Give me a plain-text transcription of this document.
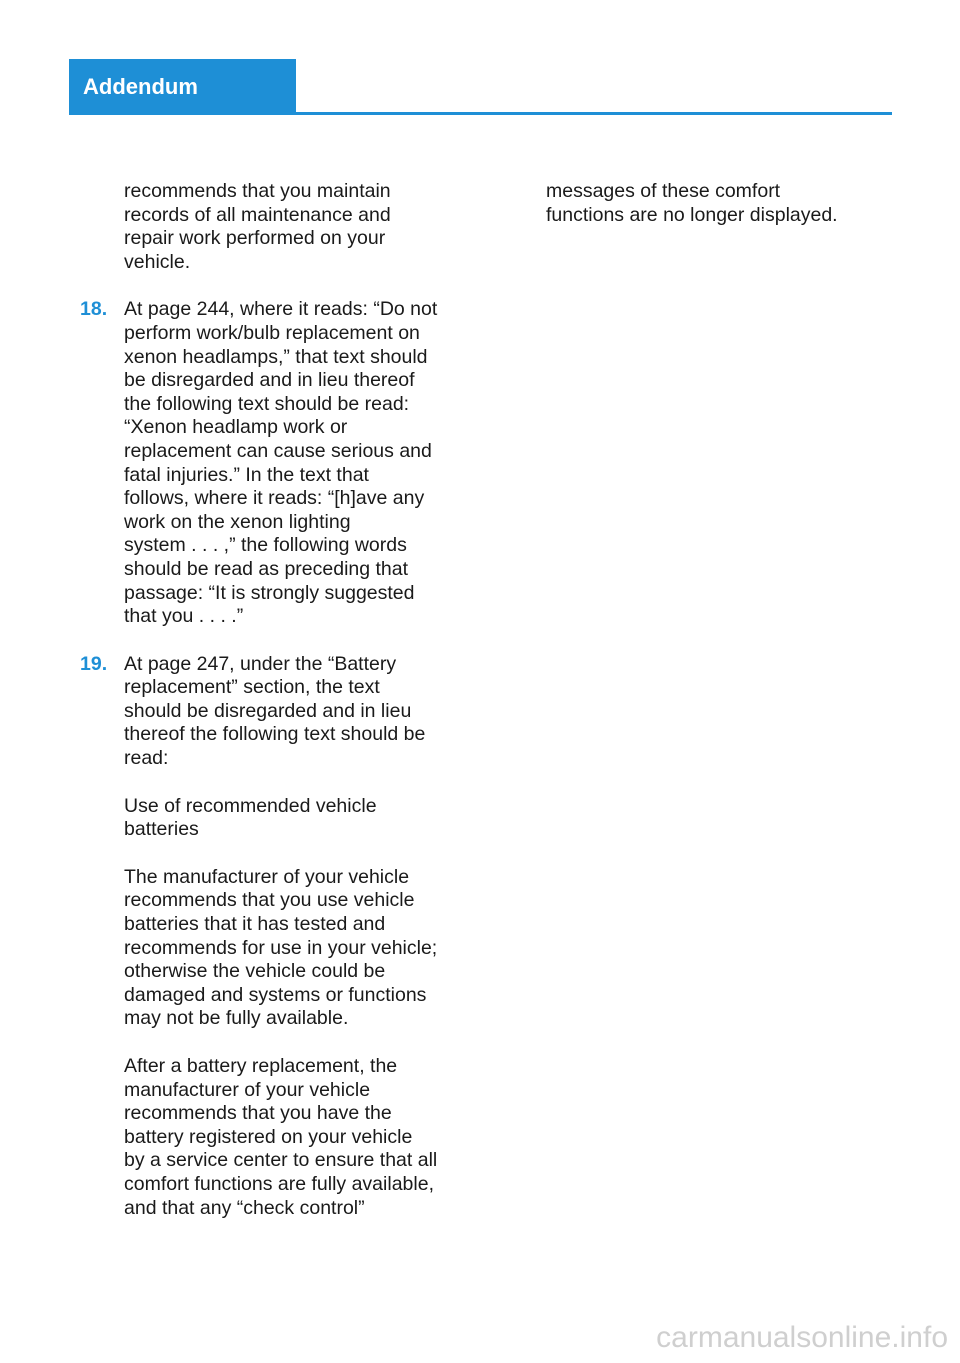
Addendum

recommends that you maintain
records of all maintenance and
repair work performed on your
vehicle.

18. At page 244, where it reads: “Do not
perform work/bulb replacement on
xenon headlamps,” that text should
be disregarded and in lieu thereof
the following text should be read:
“Xenon headlamp work or
replacement can cause serious and
fatal injuries.” In the text that
follows, where it reads: “[h]ave any
work on the xenon lighting
system . . . ,” the following words
should be read as preceding that
passage: “It is strongly suggested
that you . . . .”
19. At page 247, under the “Battery
replacement” section, the text
should be disregarded and in lieu
thereof the following text should be
read:

Use of recommended vehicle
batteries

The manufacturer of your vehicle
recommends that you use vehicle
batteries that it has tested and
recommends for use in your vehicle;
otherwise the vehicle could be
damaged and systems or functions
may not be fully available.

After a battery replacement, the
manufacturer of your vehicle
recommends that you have the
battery registered on your vehicle
by a service center to ensure that all
comfort functions are fully available,
and that any “check control”

messages of these comfort
functions are no longer displayed.

carmanualsonline.info
